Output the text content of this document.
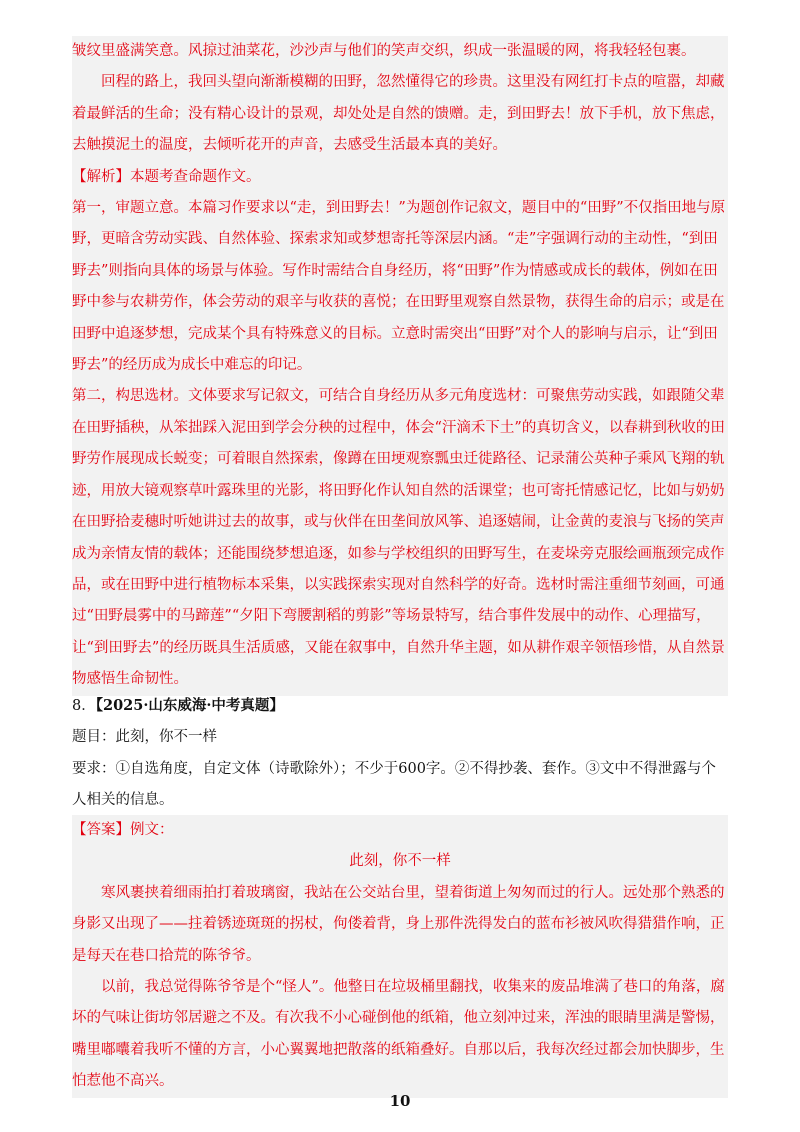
皱纹里盛满笑意。风掠过油菜花，沙沙声与他们的笑声交织，织成一张温暖的网，将我轻轻包裹。

回程的路上，我回头望向渐渐模糊的田野，忽然懂得它的珍贵。这里没有网红打卡点的喧嚣，却藏着最鲜活的生命；没有精心设计的景观，却处处是自然的馈赠。走，到田野去！放下手机，放下焦虑，去触摸泥土的温度，去倾听花开的声音，去感受生活最本真的美好。

【解析】本题考查命题作文。

第一，审题立意。本篇习作要求以“走，到田野去！”为题创作记叙文，题目中的“田野”不仅指田地与原野，更暗含劳动实践、自然体验、探索求知或梦想寄托等深层内涵。“走”字强调行动的主动性，“到田野去”则指向具体的场景与体验。写作时需结合自身经历，将“田野”作为情感或成长的载体，例如在田野中参与农耕劳作，体会劳动的艰辛与收获的喜悦；在田野里观察自然景物，获得生命的启示；或是在田野中追逐梦想，完成某个具有特殊意义的目标。立意时需突出“田野”对个人的影响与启示，让“到田野去”的经历成为成长中难忘的印记。

第二，构思选材。文体要求写记叙文，可结合自身经历从多元角度选材：可聚焦劳动实践，如跟随父辈在田野插秧，从笨拙踩入泥田到学会分秧的过程中，体会“汗滴禾下土”的真切含义，以春耕到秋收的田野劳作展现成长蜕变；可着眼自然探索，像蹲在田埂观察瓢虫迁徙路径、记录蒲公英种子乘风飞翔的轨迹，用放大镜观察草叶露珠里的光影，将田野化作认知自然的活课堂；也可寄托情感记忆，比如与奶奶在田野拾麦穗时听她讲过去的故事，或与伙伴在田垄间放风筝、追逐嬉闹，让金黄的麦浪与飞扬的笑声成为亲情友情的载体；还能围绕梦想追逐，如参与学校组织的田野写生，在麦垛旁克服绘画瓶颈完成作品，或在田野中进行植物标本采集，以实践探索实现对自然科学的好奇。选材时需注重细节刻画，可通过“田野晨雾中的马蹄莲”“夕阳下弯腰割稻的剪影”等场景特写，结合事件发展中的动作、心理描写，让“到田野去”的经历既具生活质感，又能在叙事中，自然升华主题，如从耕作艰辛领悟珍惜，从自然景物感悟生命韧性。

8．【2025·山东威海·中考真题】

题目：此刻，你不一样

要求：①自选角度，自定文体（诗歌除外）；不少于600字。②不得抄袭、套作。③文中不得泄露与个人相关的信息。

【答案】例文：

此刻，你不一样

寒风裹挟着细雨拍打着玻璃窗，我站在公交站台里，望着街道上匆匆而过的行人。远处那个熟悉的身影又出现了——拄着锈迹斑斑的拐杖，佝偻着背，身上那件洗得发白的蓝布衫被风吹得猎猎作响，正是每天在巷口拾荒的陈爷爷。

以前，我总觉得陈爷爷是个“怪人”。他整日在垃圾桶里翻找，收集来的废品堆满了巷口的角落，腐坏的气味让街坊邻居避之不及。有次我不小心碰倒他的纸箱，他立刻冲过来，浑浊的眼睛里满是警惕，嘴里嘟囔着我听不懂的方言，小心翼翼地把散落的纸箱叠好。自那以后，我每次经过都会加快脚步，生怕惹他不高兴。

10
